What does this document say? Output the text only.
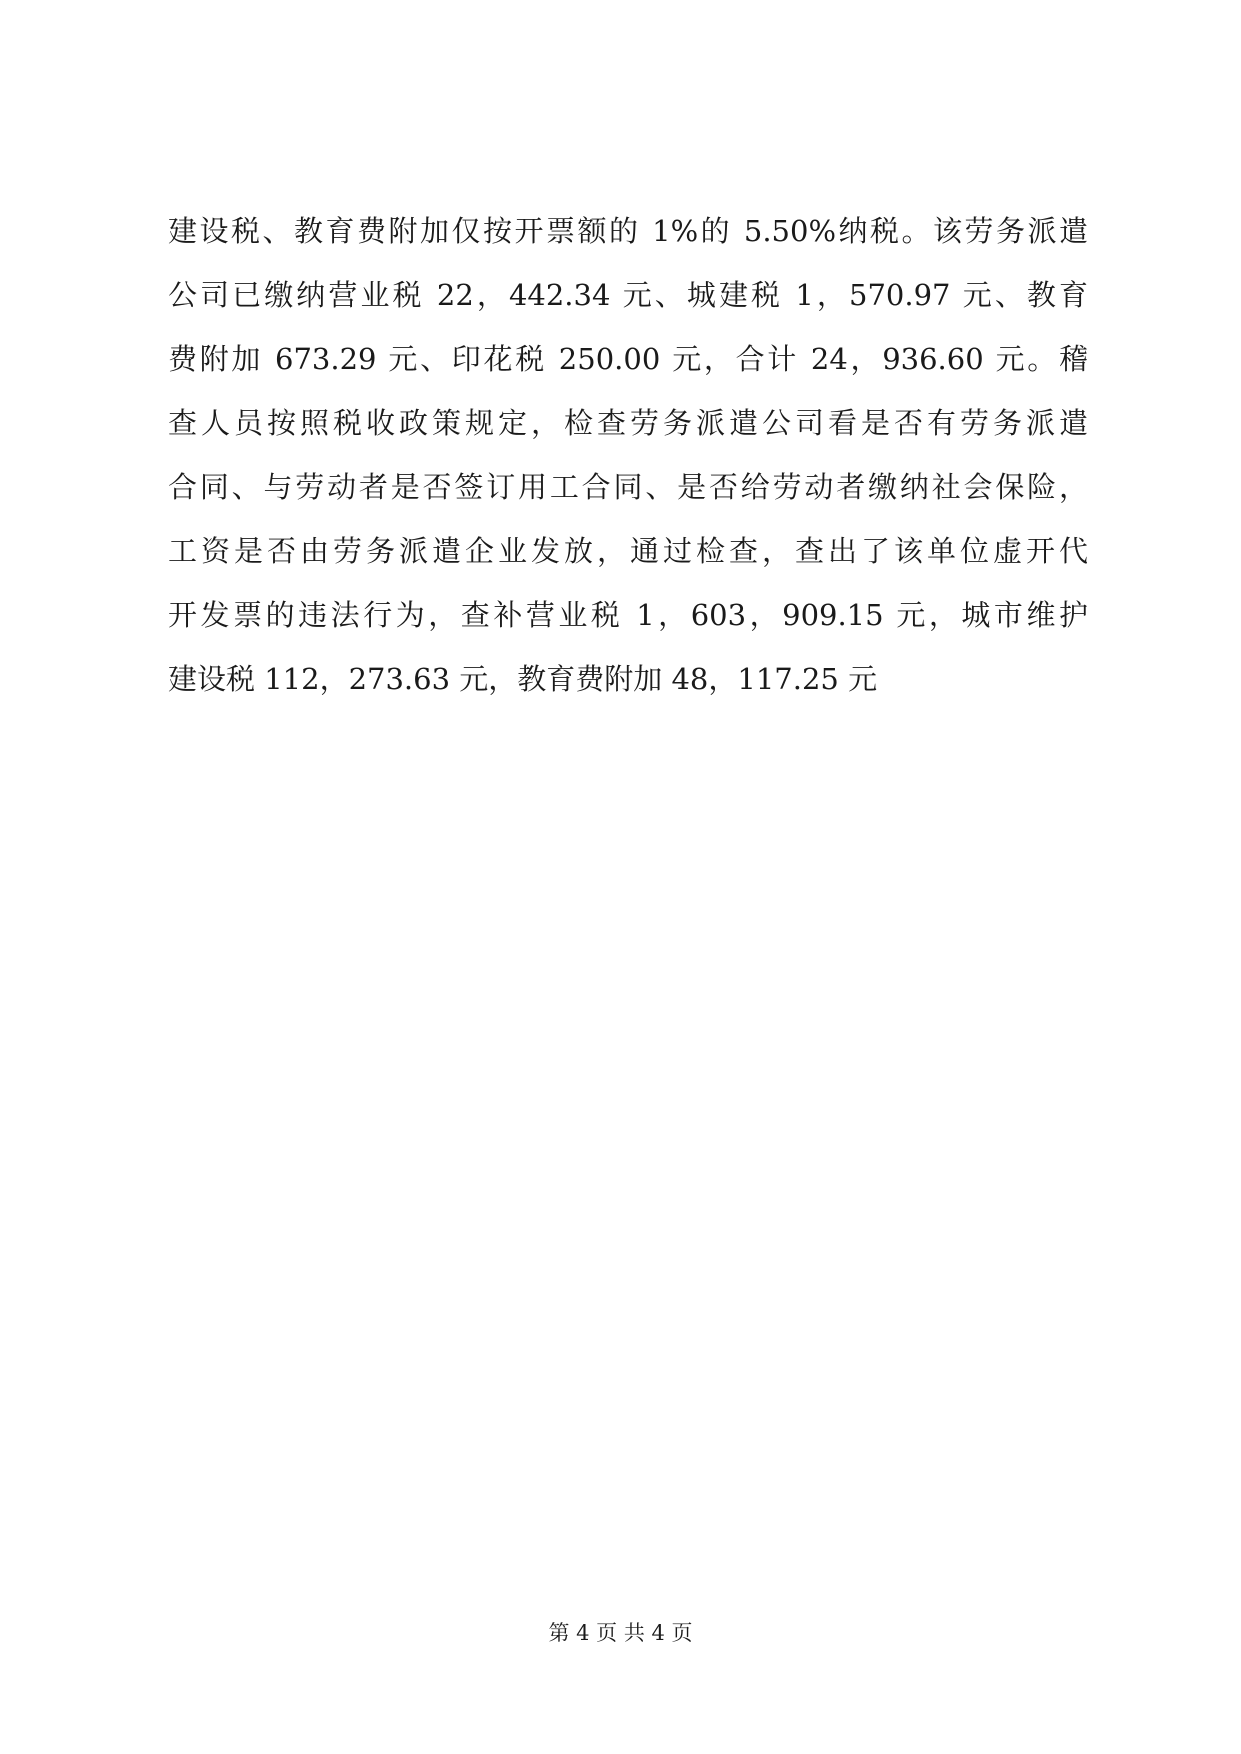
建设税、教育费附加仅按开票额的 1%的 5.50%纳税。该劳务派遣
公司已缴纳营业税 22，442.34 元、城建税 1，570.97 元、教育
费附加 673.29 元、印花税 250.00 元，合计 24，936.60 元。稽
查人员按照税收政策规定，检查劳务派遣公司看是否有劳务派遣
合同、与劳动者是否签订用工合同、是否给劳动者缴纳社会保险，
工资是否由劳务派遣企业发放，通过检查，查出了该单位虚开代
开发票的违法行为，查补营业税 1，603，909.15 元，城市维护
建设税 112，273.63 元，教育费附加 48，117.25 元
第 4 页 共 4 页
